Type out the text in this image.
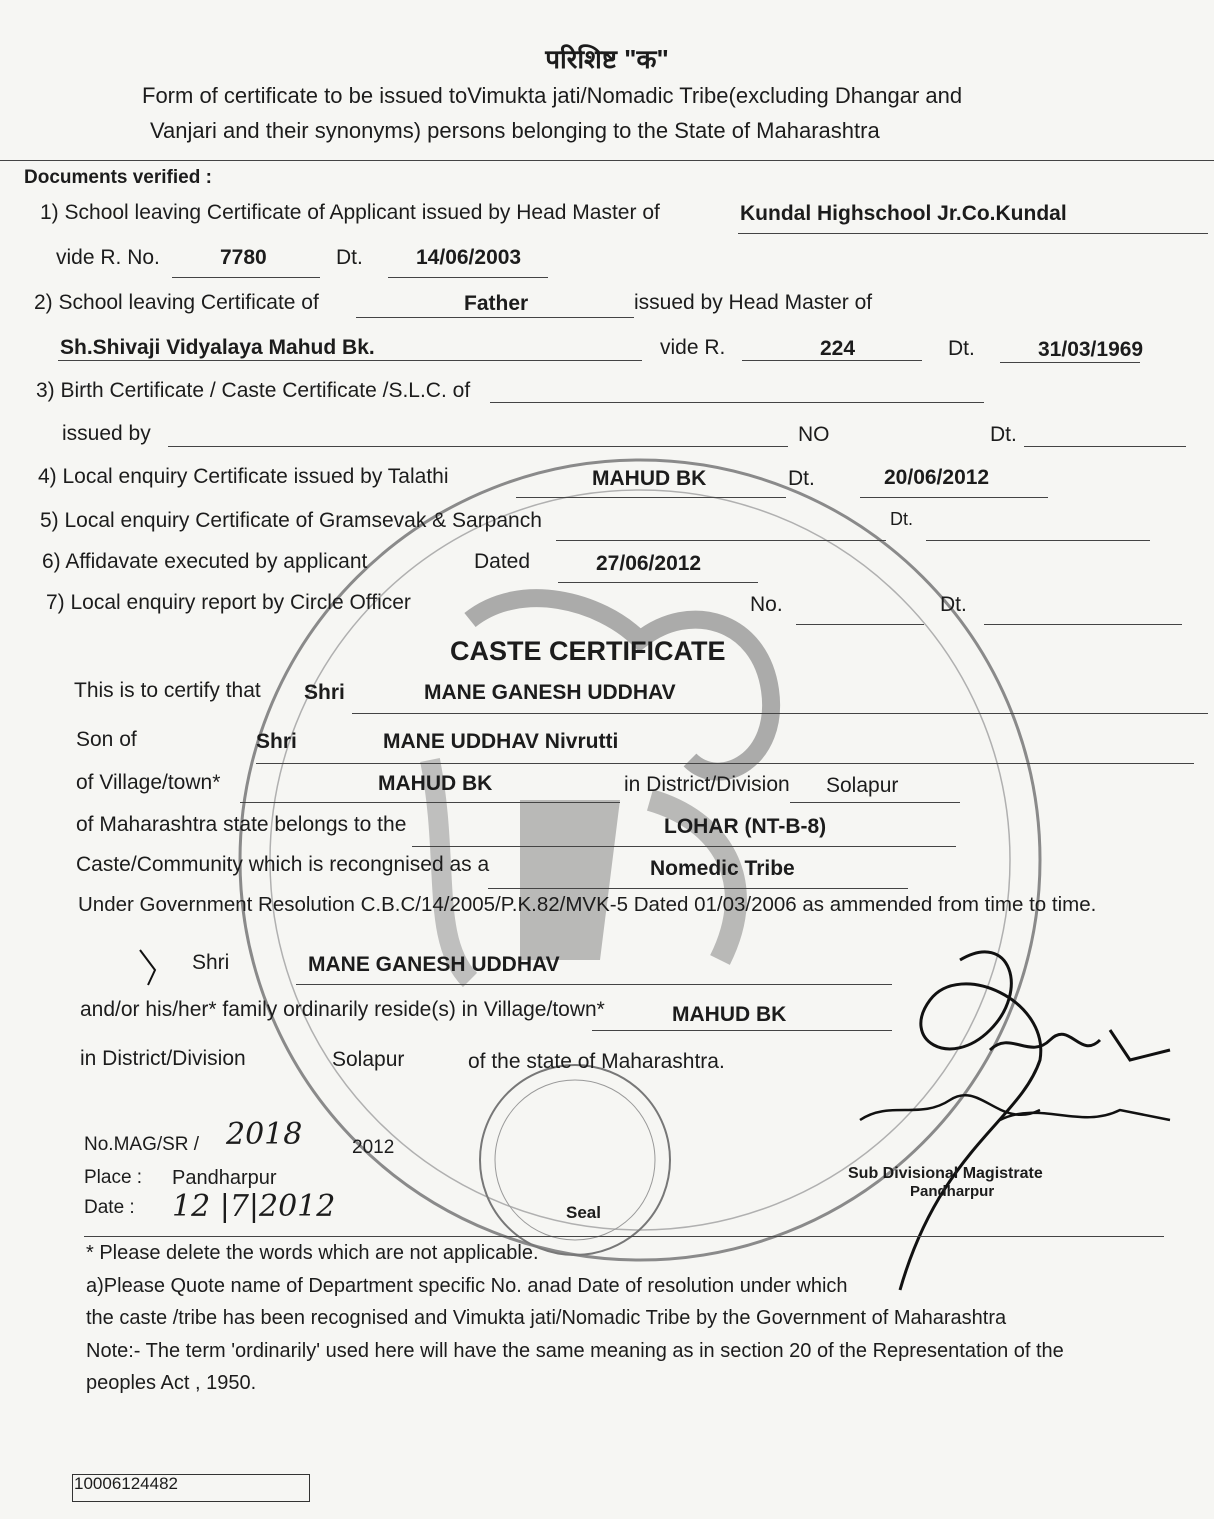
परिशिष्ट "क"
Form of certificate to be issued toVimukta jati/Nomadic Tribe(excluding Dhangar and
Vanjari and their synonyms) persons belonging to the State of Maharashtra
Documents verified :
1) School leaving Certificate of Applicant issued by Head Master of	Kundal Highschool Jr.Co.Kundal
vide R. No.	7780	Dt.	14/06/2003
2) School leaving Certificate of	Father	issued by Head Master of
Sh.Shivaji Vidyalaya Mahud Bk.	vide R.	224	Dt.	31/03/1969
3) Birth Certificate / Caste Certificate /S.L.C. of
issued by	NO	Dt.
4) Local enquiry Certificate issued by Talathi	MAHUD BK	Dt.	20/06/2012
5) Local enquiry Certificate of Gramsevak & Sarpanch	Dt.
6) Affidavate executed by applicant	Dated	27/06/2012
7) Local enquiry report by Circle Officer	No.	Dt.
CASTE CERTIFICATE
This is to certify that Shri	MANE GANESH UDDHAV
Son of	Shri	MANE UDDHAV Nivrutti
of Village/town*	MAHUD BK	in District/Division Solapur
of Maharashtra state belongs to the	LOHAR (NT-B-8)
Caste/Community which is recongnised as a	Nomedic Tribe
Under Government Resolution C.B.C/14/2005/P.K.82/MVK-5 Dated 01/03/2006 as ammended from time to time.
Shri	MANE GANESH UDDHAV
and/or his/her* family ordinarily reside(s) in Village/town*	MAHUD BK
in District/Division	Solapur	of the state of Maharashtra.
No.MAG/SR / 2018	2012
Place : Pandharpur
Date : 12 |7|2012	Seal
Sub Divisional Magistrate
Pandharpur
* Please delete the words which are not applicable.
a)Please Quote name of Department specific No. anad Date of resolution under which
the caste /tribe has been recognised and Vimukta jati/Nomadic Tribe by the Government of Maharashtra
Note:- The term 'ordinarily' used here will have the same meaning as in section 20 of the Representation of the
peoples Act , 1950.
10006124482
